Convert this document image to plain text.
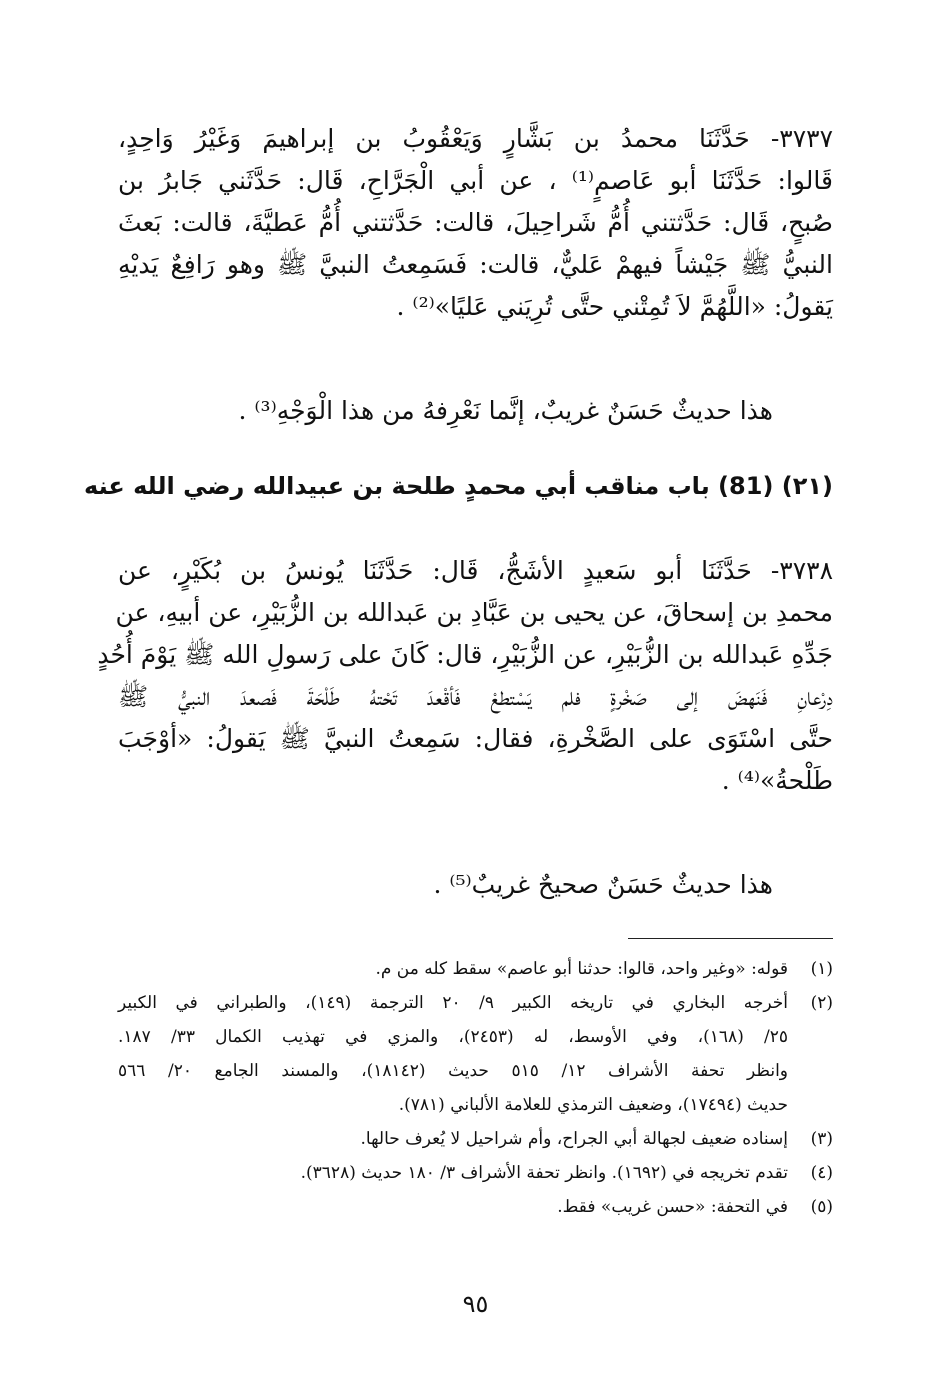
٣٧٣٧- حَدَّثَنَا محمدُ بن بَشَّارٍ وَيَعْقُوبُ بن إبراهيمَ وَغَيْرُ وَاحِدٍ،
قَالوا: حَدَّثَنَا أبو عَاصمٍ⁽¹⁾ ، عن أبي الْجَرَّاحِ، قَال: حَدَّثَني جَابرُ بن
صُبحٍ، قَال: حَدَّثتني أُمُّ شَراحِيلَ، قالت: حَدَّثتني أُمُّ عَطيَّةَ، قالت: بَعثَ
النبيُّ ﷺ جَيْشاً فيهمْ عَليٌّ، قالت: فَسَمِعتُ النبيَّ ﷺ وهو رَافِعٌ يَديْهِ
يَقولُ: «اللَّهُمَّ لاَ تُمِتْني حتَّى تُرِيَني عَليًا»⁽²⁾ .

هذا حديثٌ حَسَنٌ غريبٌ، إنَّما نَعْرِفهُ من هذا الْوَجْهِ⁽³⁾ .

(٢١) (81) باب مناقب أبي محمدٍ طلحة بن عبيدالله رضي الله عنه

٣٧٣٨- حَدَّثَنَا أبو سَعيدٍ الأشَجُّ، قَال: حَدَّثَنَا يُونسُ بن بُكَيْرٍ، عن
محمدِ بن إسحاقَ، عن يحيى بن عَبَّادِ بن عَبدالله بن الزُّبَيْرِ، عن أبيهِ، عن
جَدِّهِ عَبدالله بن الزُّبَيْرِ، عن الزُّبَيْرِ، قال: كَانَ على رَسولِ الله ﷺ يَوْمَ أُحُدٍ
دِرْعانِ فَنَهضَ إلى صَخْرةٍ فلم يَسْتطعْ فَأقْعدَ تَحْتهُ طَلْحَةَ فَصعدَ النبيُّ ﷺ
حتَّى اسْتَوَى على الصَّخْرةِ، فقال: سَمِعتُ النبيَّ ﷺ يَقولُ: «أوْجَبَ
طَلْحةُ»⁽⁴⁾ .

هذا حديثٌ حَسَنٌ صحيحٌ غريبٌ⁽⁵⁾ .

(١)
قوله: «وغير واحد، قالوا: حدثنا أبو عاصم» سقط كله من م.
(٢)
أخرجه البخاري في تاريخه الكبير ٩/ ٢٠ الترجمة (١٤٩)، والطبراني في الكبير
٢٥/ (١٦٨)، وفي الأوسط، له (٢٤٥٣)، والمزي في تهذيب الكمال ٣٣/ ١٨٧.
وانظر تحفة الأشراف ١٢/ ٥١٥ حديث (١٨١٤٢)، والمسند الجامع ٢٠/ ٥٦٦
حديث (١٧٤٩٤)، وضعيف الترمذي للعلامة الألباني (٧٨١).
(٣)
إسناده ضعيف لجهالة أبي الجراح، وأم شراحيل لا يُعرف حالها.
(٤)
تقدم تخريجه في (١٦٩٢). وانظر تحفة الأشراف ٣/ ١٨٠ حديث (٣٦٢٨).
(٥)
في التحفة: «حسن غريب» فقط.
٩٥
